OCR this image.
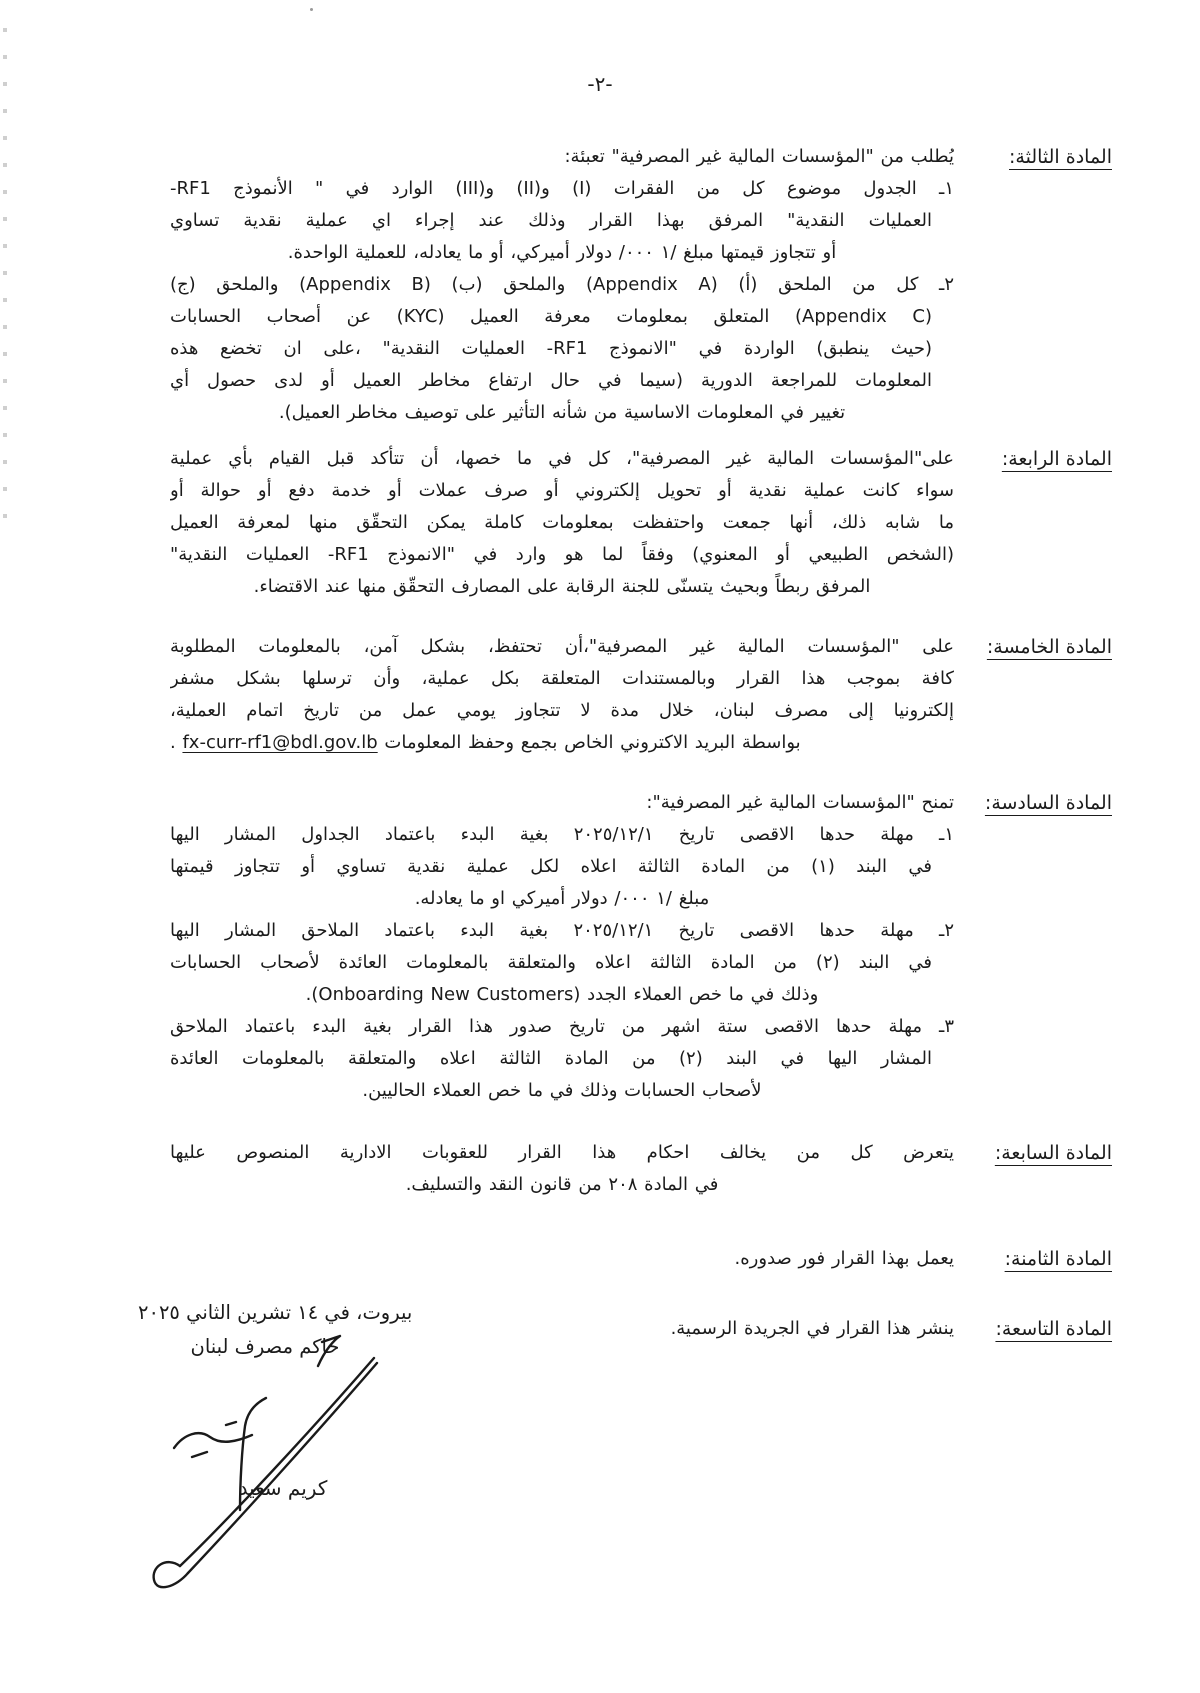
-٢-
المادة الثالثة:
يُطلب من "المؤسسات المالية غير المصرفية" تعبئة:
١ـ الجدول موضوع كل من الفقرات (I) و(II) و(III) الوارد في " الأنموذج RF1-
العمليات النقدية" المرفق بهذا القرار وذلك عند إجراء اي عملية نقدية تساوي
أو تتجاوز قيمتها مبلغ /١ ٠٠٠/ دولار أميركي، أو ما يعادله، للعملية الواحدة.
٢ـ كل من الملحق (أ) (Appendix A) والملحق (ب) (Appendix B) والملحق (ج)
(Appendix C) المتعلق بمعلومات معرفة العميل (KYC) عن أصحاب الحسابات
(حيث ينطبق) الواردة في "الانموذج RF1- العمليات النقدية" ،على ان تخضع هذه
المعلومات للمراجعة الدورية (سيما في حال ارتفاع مخاطر العميل أو لدى حصول أي
تغيير في المعلومات الاساسية من شأنه التأثير على توصيف مخاطر العميل).
المادة الرابعة:
على"المؤسسات المالية غير المصرفية"، كل في ما خصها، أن تتأكد قبل القيام بأي عملية
سواء كانت عملية نقدية أو تحويل إلكتروني أو صرف عملات أو خدمة دفع أو حوالة أو
ما شابه ذلك، أنها جمعت واحتفظت بمعلومات كاملة يمكن التحقّق منها لمعرفة العميل
(الشخص الطبيعي أو المعنوي) وفقاً لما هو وارد في "الانموذج RF1- العمليات النقدية"
المرفق ربطاً وبحيث يتسنّى للجنة الرقابة على المصارف التحقّق منها عند الاقتضاء.
المادة الخامسة:
على "المؤسسات المالية غير المصرفية"،أن تحتفظ، بشكل آمن، بالمعلومات المطلوبة
كافة بموجب هذا القرار وبالمستندات المتعلقة بكل عملية، وأن ترسلها بشكل مشفر
إلكترونيا إلى مصرف لبنان، خلال مدة لا تتجاوز يومي عمل من تاريخ اتمام العملية،
بواسطة البريد الاكتروني الخاص بجمع وحفظ المعلومات fx-curr-rf1@bdl.gov.lb .
المادة السادسة:
تمنح "المؤسسات المالية غير المصرفية":
١ـ مهلة حدها الاقصى تاريخ ٢٠٢٥/١٢/١ بغية البدء باعتماد الجداول المشار اليها
في البند (١) من المادة الثالثة اعلاه لكل عملية نقدية تساوي أو تتجاوز قيمتها
مبلغ /١ ٠٠٠/ دولار أميركي او ما يعادله.
٢ـ مهلة حدها الاقصى تاريخ ٢٠٢٥/١٢/١ بغية البدء باعتماد الملاحق المشار اليها
في البند (٢) من المادة الثالثة اعلاه والمتعلقة بالمعلومات العائدة لأصحاب الحسابات
وذلك في ما خص العملاء الجدد (Onboarding New Customers).
٣ـ مهلة حدها الاقصى ستة اشهر من تاريخ صدور هذا القرار بغية البدء باعتماد الملاحق
المشار اليها في البند (٢) من المادة الثالثة اعلاه والمتعلقة بالمعلومات العائدة
لأصحاب الحسابات وذلك في ما خص العملاء الحاليين.
المادة السابعة:
يتعرض كل من يخالف احكام هذا القرار للعقوبات الادارية المنصوص عليها
في المادة ٢٠٨ من قانون النقد والتسليف.
المادة الثامنة:
يعمل بهذا القرار فور صدوره.
المادة التاسعة:
ينشر هذا القرار في الجريدة الرسمية.
بيروت، في ١٤ تشرين الثاني ٢٠٢٥
حاكم مصرف لبنان
كريم سعيد
